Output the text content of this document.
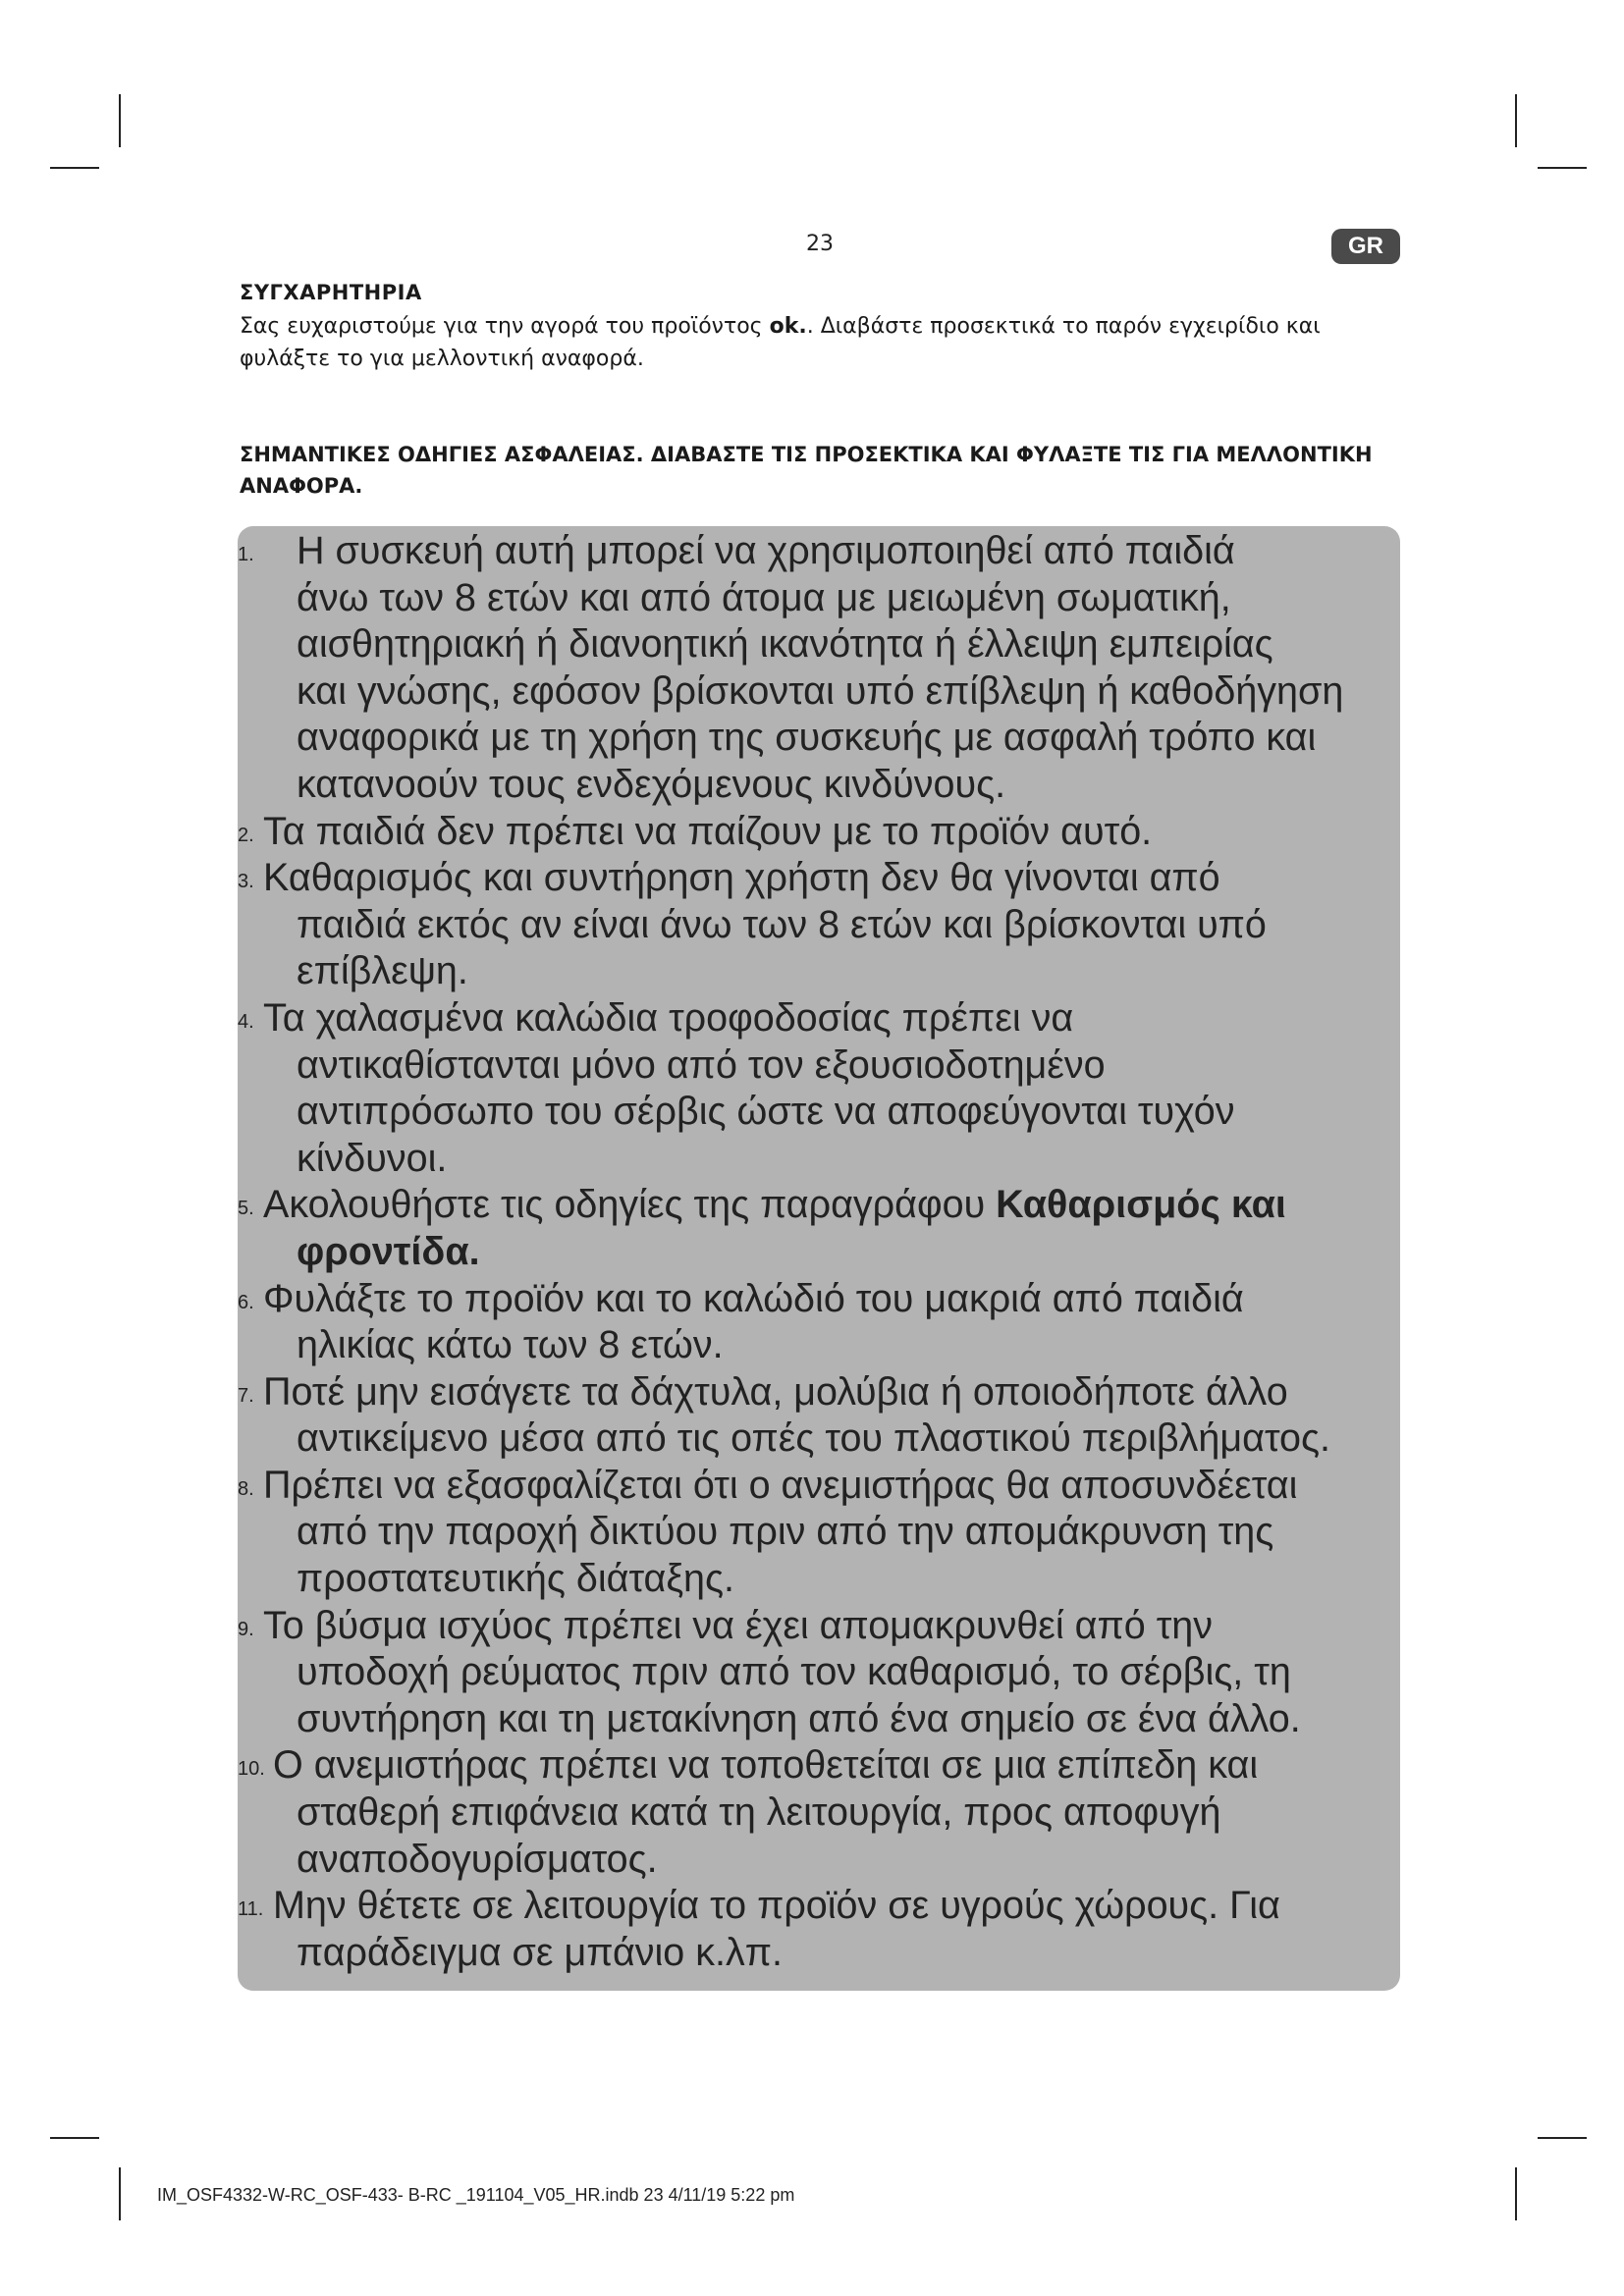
23	GR
ΣΥΓΧΑΡΗΤΗΡΙΑ
Σας ευχαριστούμε για την αγορά του προϊόντος ok.. Διαβάστε προσεκτικά το παρόν εγχειρίδιο και φυλάξτε το για μελλοντική αναφορά.
ΣΗΜΑΝΤΙΚΕΣ ΟΔΗΓΙΕΣ ΑΣΦΑΛΕΙΑΣ. ΔΙΑΒΑΣΤΕ ΤΙΣ ΠΡΟΣΕΚΤΙΚΑ ΚΑΙ ΦΥΛΑΞΤΕ ΤΙΣ ΓΙΑ ΜΕΛΛΟΝΤΙΚΗ ΑΝΑΦΟΡΑ.
1. Η συσκευή αυτή μπορεί να χρησιμοποιηθεί από παιδιά
άνω των 8 ετών και από άτομα με μειωμένη σωματική,
αισθητηριακή ή διανοητική ικανότητα ή έλλειψη εμπειρίας
και γνώσης, εφόσον βρίσκονται υπό επίβλεψη ή καθοδήγηση
αναφορικά με τη χρήση της συσκευής με ασφαλή τρόπο και
κατανοούν τους ενδεχόμενους κινδύνους.
2. Τα παιδιά δεν πρέπει να παίζουν με το προϊόν αυτό.
3. Καθαρισμός και συντήρηση χρήστη δεν θα γίνονται από
παιδιά εκτός αν είναι άνω των 8 ετών και βρίσκονται υπό
επίβλεψη.
4. Τα χαλασμένα καλώδια τροφοδοσίας πρέπει να
αντικαθίστανται μόνο από τον εξουσιοδοτημένο
αντιπρόσωπο του σέρβις ώστε να αποφεύγονται τυχόν
κίνδυνοι.
5. Ακολουθήστε τις οδηγίες της παραγράφου Καθαρισμός και
φροντίδα.
6. Φυλάξτε το προϊόν και το καλώδιό του μακριά από παιδιά
ηλικίας κάτω των 8 ετών.
7. Ποτέ μην εισάγετε τα δάχτυλα, μολύβια ή οποιοδήποτε άλλο
αντικείμενο μέσα από τις οπές του πλαστικού περιβλήματος.
8. Πρέπει να εξασφαλίζεται ότι ο ανεμιστήρας θα αποσυνδέεται
από την παροχή δικτύου πριν από την απομάκρυνση της
προστατευτικής διάταξης.
9. Το βύσμα ισχύος πρέπει να έχει απομακρυνθεί από την
υποδοχή ρεύματος πριν από τον καθαρισμό, το σέρβις, τη
συντήρηση και τη μετακίνηση από ένα σημείο σε ένα άλλο.
10. Ο ανεμιστήρας πρέπει να τοποθετείται σε μια επίπεδη και
σταθερή επιφάνεια κατά τη λειτουργία, προς αποφυγή
αναποδογυρίσματος.
11. Μην θέτετε σε λειτουργία το προϊόν σε υγρούς χώρους. Για
παράδειγμα σε μπάνιο κ.λπ.
IM_OSF4332-W-RC_OSF-433- B-RC _191104_V05_HR.indb 23 4/11/19 5:22 pm
